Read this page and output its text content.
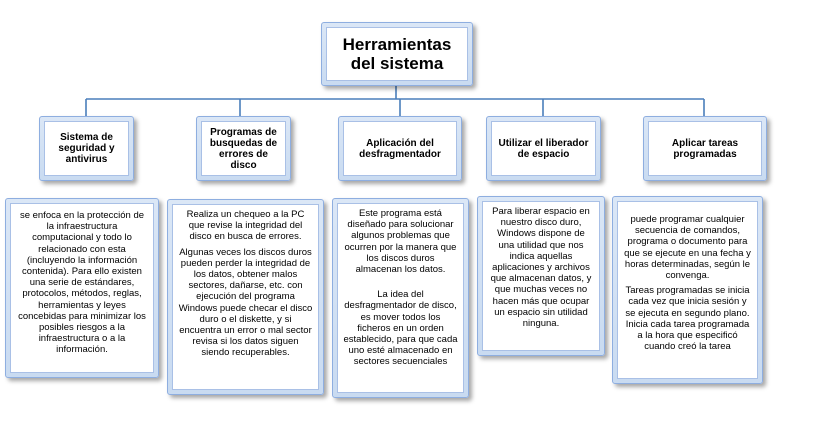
Herramientas del sistema
Sistema de seguridad y antivirus

se enfoca en la protección de la infraestructura computacional y todo lo relacionado con esta (incluyendo la información contenida). Para ello existen una serie de estándares, protocolos, métodos, reglas, herramientas y leyes concebidas para minimizar los posibles riesgos a la infraestructura o a la información.

Programas de busquedas de errores de disco

Realiza un chequeo a la PC que revise la integridad del disco en busca de errores.

Algunas veces los discos duros pueden perder la integridad de los datos, obtener malos sectores, dañarse, etc. con ejecución del programa Windows puede checar el disco duro o el diskette, y si encuentra un error o mal sector revisa si los datos siguen siendo recuperables.

Aplicación del desfragmentador

Este programa está diseñado para solucionar algunos problemas que ocurren por la manera que los discos duros almacenan los datos.

La idea del desfragmentador de disco, es mover todos los ficheros en un orden establecido, para que cada uno esté almacenado en sectores secuenciales

Utilizar el liberador de espacio

Para liberar espacio en nuestro disco duro, Windows dispone de una utilidad que nos indica aquellas aplicaciones y archivos que almacenan datos, y que muchas veces no hacen más que ocupar un espacio sin utilidad ninguna.

Aplicar tareas programadas

puede programar cualquier secuencia de comandos, programa o documento para que se ejecute en una fecha y horas determinadas, según le convenga.

Tareas programadas se inicia cada vez que inicia sesión y se ejecuta en segundo plano. Inicia cada tarea programada a la hora que especificó cuando creó la tarea
